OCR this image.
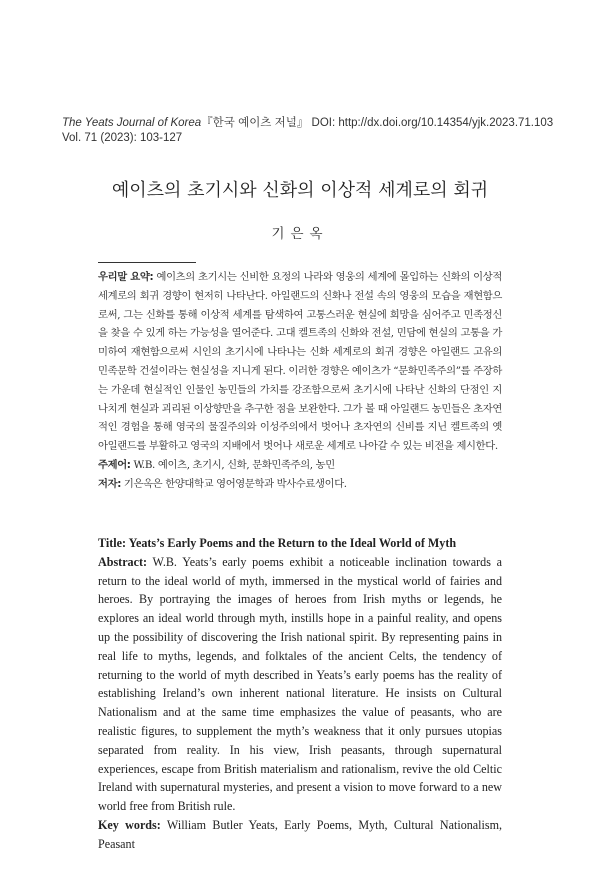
The Yeats Journal of Korea『한국 예이츠 저널』 DOI: http://dx.doi.org/10.14354/yjk.2023.71.103
Vol. 71 (2023): 103-127
예이츠의 초기시와 신화의 이상적 세계로의 회귀
기은옥

우리말 요약: 예이츠의 초기시는 신비한 요정의 나라와 영웅의 세계에 몰입하는 신화의 이상적 세계로의 회귀 경향이 현저히 나타난다. 아일랜드의 신화나 전설 속의 영웅의 모습을 재현함으로써, 그는 신화를 통해 이상적 세계를 탐색하여 고통스러운 현실에 희망을 심어주고 민족정신을 찾을 수 있게 하는 가능성을 열어준다. 고대 켈트족의 신화와 전설, 민담에 현실의 고통을 가미하여 재현함으로써 시인의 초기시에 나타나는 신화 세계로의 회귀 경향은 아일랜드 고유의 민족문학 건설이라는 현실성을 지니게 된다. 이러한 경향은 예이츠가 “문화민족주의”를 주장하는 가운데 현실적인 인물인 농민들의 가치를 강조함으로써 초기시에 나타난 신화의 단점인 지나치게 현실과 괴리된 이상향만을 추구한 점을 보완한다. 그가 볼 때 아일랜드 농민들은 초자연적인 경험을 통해 영국의 물질주의와 이성주의에서 벗어나 초자연의 신비를 지닌 켈트족의 옛 아일랜드를 부활하고 영국의 지배에서 벗어나 새로운 세계로 나아갈 수 있는 비전을 제시한다.

주제어: W.B. 예이츠, 초기시, 신화, 문화민족주의, 농민

저자: 기은옥은 한양대학교 영어영문학과 박사수료생이다.

Title: Yeats’s Early Poems and the Return to the Ideal World of Myth

Abstract: W.B. Yeats’s early poems exhibit a noticeable inclination towards a return to the ideal world of myth, immersed in the mystical world of fairies and heroes. By portraying the images of heroes from Irish myths or legends, he explores an ideal world through myth, instills hope in a painful reality, and opens up the possibility of discovering the Irish national spirit. By representing pains in real life to myths, legends, and folktales of the ancient Celts, the tendency of returning to the world of myth described in Yeats’s early poems has the reality of establishing Ireland’s own inherent national literature. He insists on Cultural Nationalism and at the same time emphasizes the value of peasants, who are realistic figures, to supplement the myth’s weakness that it only pursues utopias separated from reality. In his view, Irish peasants, through supernatural experiences, escape from British materialism and rationalism, revive the old Celtic Ireland with supernatural mysteries, and present a vision to move forward to a new world free from British rule.

Key words: William Butler Yeats, Early Poems, Myth, Cultural Nationalism, Peasant
